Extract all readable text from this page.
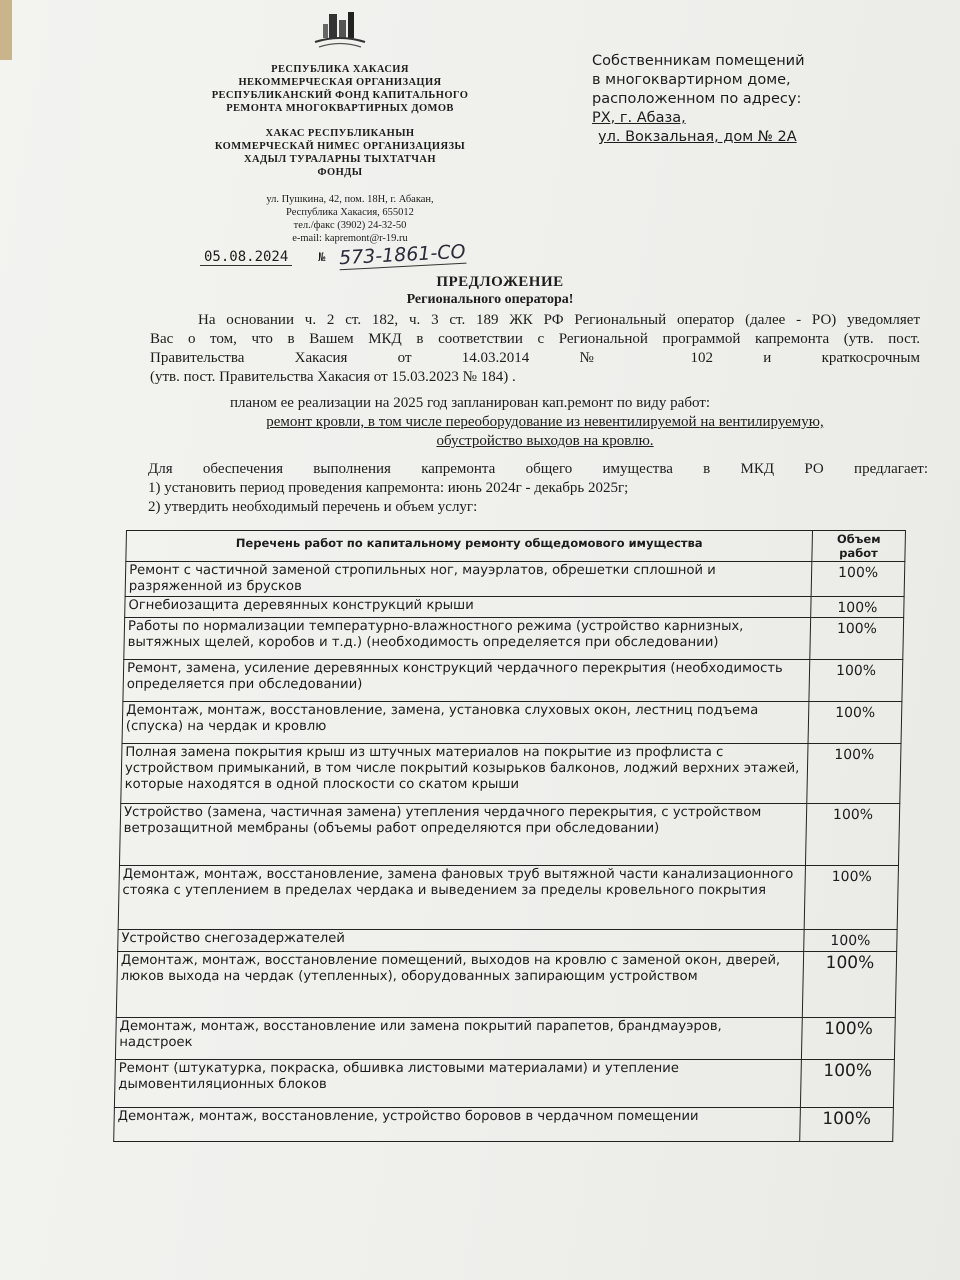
РЕСПУБЛИКА ХАКАСИЯ
НЕКОММЕРЧЕСКАЯ ОРГАНИЗАЦИЯ
РЕСПУБЛИКАНСКИЙ ФОНД КАПИТАЛЬНОГО
РЕМОНТА МНОГОКВАРТИРНЫХ ДОМОВ
ХАКАС РЕСПУБЛИКАНЫН
КОММЕРЧЕСКАЙ НИМЕС ОРГАНИЗАЦИЯЗЫ
ХАДЫЛ ТУРАЛАРНЫ ТЫХТАТЧАН
ФОНДЫ
ул. Пушкина, 42, пом. 18Н, г. Абакан,
Республика Хакасия, 655012
тел./факс (3902) 24-32-50
e-mail: kapremont@r-19.ru
Собственникам помещений
в многоквартирном доме,
расположенном по адресу:
РХ, г. Абаза,
ул. Вокзальная, дом № 2А
05.08.2024 № 573-1861-СО
ПРЕДЛОЖЕНИЕ
Регионального оператора!
На основании ч. 2 ст. 182, ч. 3 ст. 189 ЖК РФ Региональный оператор (далее - РО) уведомляет
Вас о том, что в Вашем МКД в соответствии с Региональной программой капремонта (утв. пост.
Правительства Хакасия от 14.03.2014 № 102 и краткосрочным
(утв. пост. Правительства Хакасия от 15.03.2023 № 184) .
планом ее реализации на 2025 год запланирован кап.ремонт по виду работ:
ремонт кровли, в том числе переоборудование из невентилируемой на вентилируемую,
обустройство выходов на кровлю.
Для обеспечения выполнения капремонта общего имущества в МКД РО предлагает:
1) установить период проведения капремонта: июнь 2024г - декабрь 2025г;
2) утвердить необходимый перечень и объем услуг:
Перечень работ по капитальному ремонту общедомового имущества	Объем работ
Ремонт с частичной заменой стропильных ног, мауэрлатов, обрешетки сплошной и разряженной из брусков	100%
Огнебиозащита деревянных конструкций крыши	100%
Работы по нормализации температурно-влажностного режима (устройство карнизных, вытяжных щелей, коробов и т.д.) (необходимость определяется при обследовании)	100%
Ремонт, замена, усиление деревянных конструкций чердачного перекрытия (необходимость определяется при обследовании)	100%
Демонтаж, монтаж, восстановление, замена, установка слуховых окон, лестниц подъема (спуска) на чердак и кровлю	100%
Полная замена покрытия крыш из штучных материалов на покрытие из профлиста с устройством примыканий, в том числе покрытий козырьков балконов, лоджий верхних этажей, которые находятся в одной плоскости со скатом крыши	100%
Устройство (замена, частичная замена) утепления чердачного перекрытия, с устройством ветрозащитной мембраны (объемы работ определяются при обследовании)	100%
Демонтаж, монтаж, восстановление, замена фановых труб вытяжной части канализационного стояка с утеплением в пределах чердака и выведением за пределы кровельного покрытия	100%
Устройство снегозадержателей	100%
Демонтаж, монтаж, восстановление помещений, выходов на кровлю с заменой окон, дверей, люков выхода на чердак (утепленных), оборудованных запирающим устройством	100%
Демонтаж, монтаж, восстановление или замена покрытий парапетов, брандмауэров, надстроек	100%
Ремонт (штукатурка, покраска, обшивка листовыми материалами) и утепление дымовентиляционных блоков	100%
Демонтаж, монтаж, восстановление, устройство боровов в чердачном помещении	100%
